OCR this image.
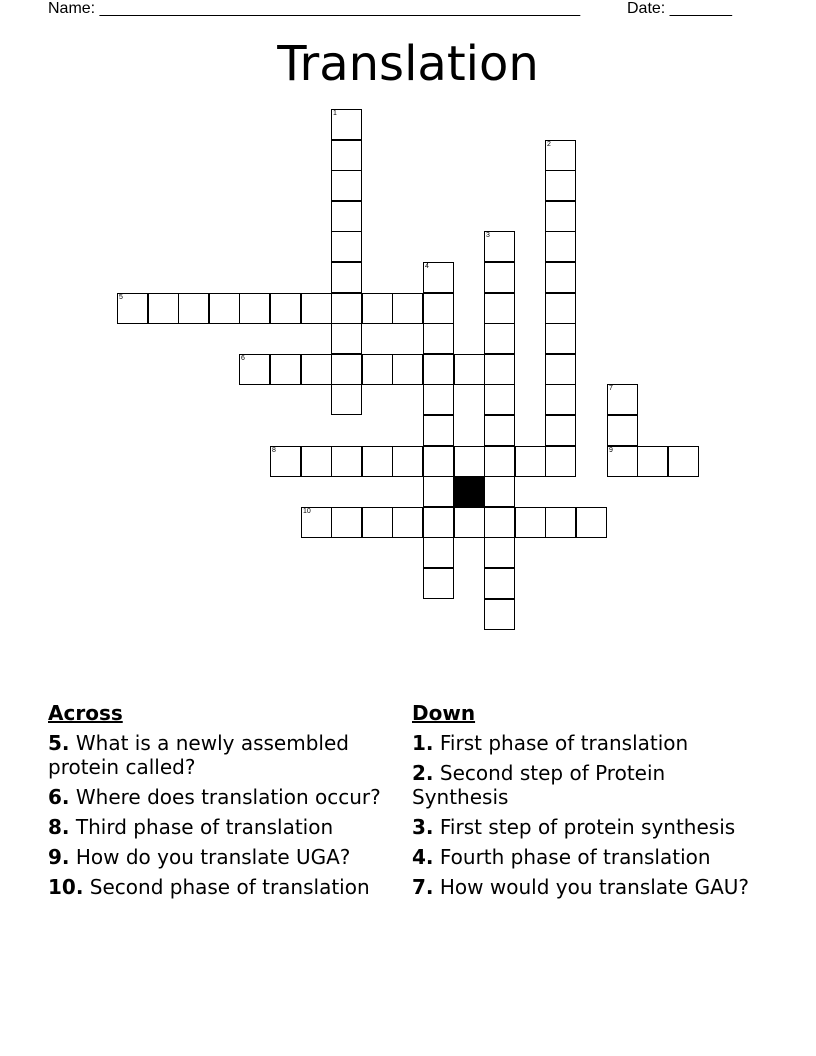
Name: ______________________________________________________	Date: _______
Translation
1
2
3
4
5
6
7
8	9
10
Across
5. What is a newly assembled protein called?
6. Where does translation occur?
8. Third phase of translation
9. How do you translate UGA?
10. Second phase of translation
Down
1. First phase of translation
2. Second step of Protein Synthesis
3. First step of protein synthesis
4. Fourth phase of translation
7. How would you translate GAU?
